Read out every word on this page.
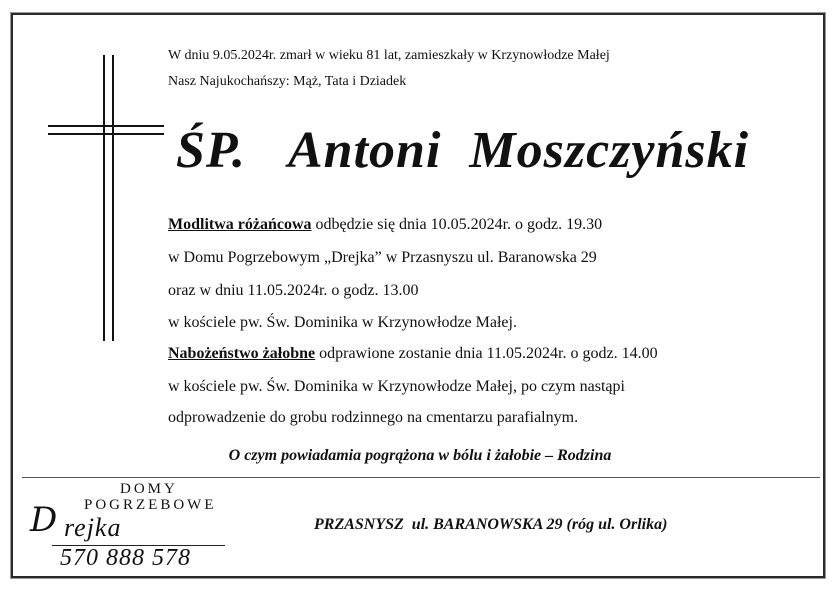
W dniu 9.05.2024r. zmarł w wieku 81 lat, zamieszkały w Krzynowłodze Małej
Nasz Najukochańszy: Mąż, Tata i Dziadek
ŚP. Antoni  Moszczyński
Modlitwa różańcowa odbędzie się dnia 10.05.2024r. o godz. 19.30
w Domu Pogrzebowym „Drejka” w Przasnyszu ul. Baranowska 29
oraz w dniu 11.05.2024r. o godz. 13.00
w kościele pw. Św. Dominika w Krzynowłodze Małej.
Nabożeństwo żałobne odprawione zostanie dnia 11.05.2024r. o godz. 14.00
w kościele pw. Św. Dominika w Krzynowłodze Małej, po czym nastąpi
odprowadzenie do grobu rodzinnego na cmentarzu parafialnym.
O czym powiadamia pogrążona w bólu i żałobie – Rodzina
DOMY
POGRZEBOWE
D rejka
570 888 578
PRZASNYSZ  ul. BARANOWSKA 29 (róg ul. Orlika)
